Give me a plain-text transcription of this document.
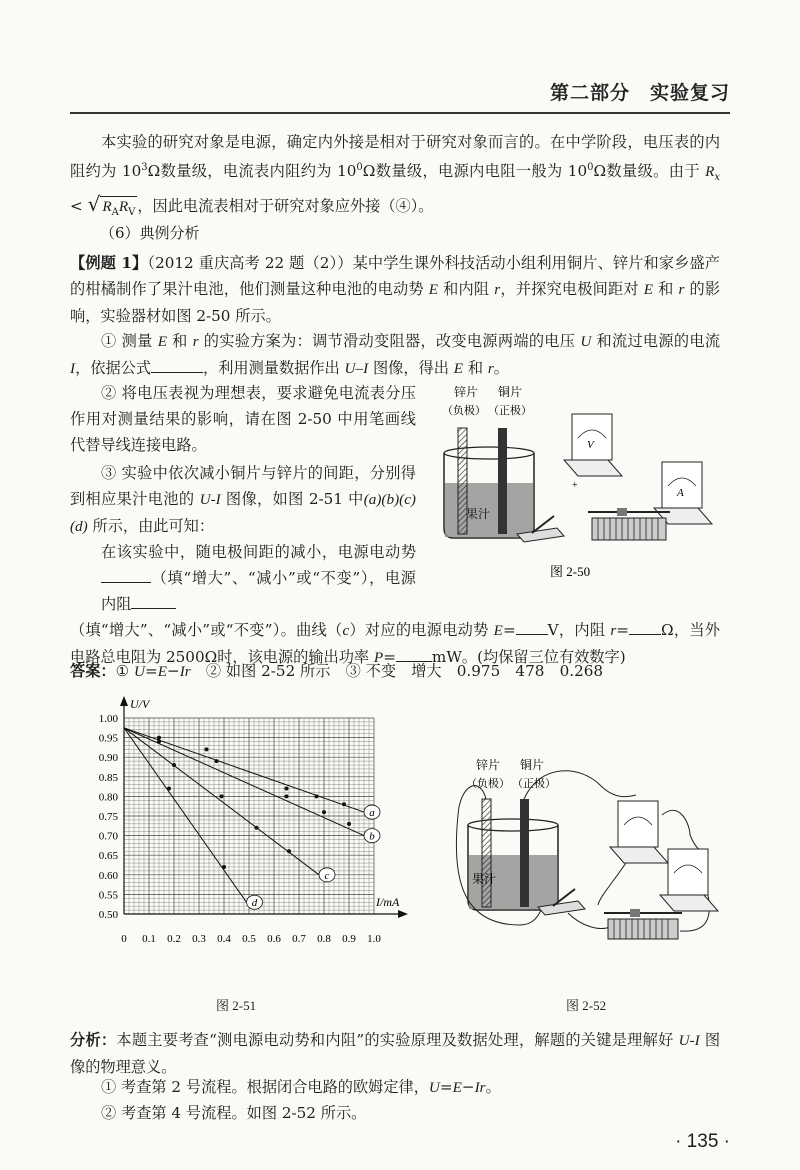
第二部分　实验复习
本实验的研究对象是电源，确定内外接是相对于研究对象而言的。在中学阶段，电压表的内阻约为 $10^3\Omega$数量级，电流表内阻约为 $10^0\Omega$数量级，电源内电阻一般为 $10^0\Omega$数量级。由于 $R_x$ < √ $R_AR_V$ ，因此电流表相对于研究对象应外接（④）。
（6）典例分析
【例题 1】（2012 重庆高考 22 题（2））某中学生课外科技活动小组利用铜片、锌片和家乡盛产的柑橘制作了果汁电池，他们测量这种电池的电动势 E 和内阻 r，并探究电极间距对 E 和 r 的影响，实验器材如图 2-50 所示。
① 测量 E 和 r 的实验方案为：调节滑动变阻器，改变电源两端的电压 U 和流过电源的电流 I，依据公式	，利用测量数据作出 U–I 图像，得出 E 和 r。
② 将电压表视为理想表，要求避免电流表分压作用对测量结果的影响，请在图 2-50 中用笔画线代替导线连接电路。
③ 实验中依次减小铜片与锌片的间距，分别得到相应果汁电池的 U-I 图像，如图 2-51 中(a)(b)(c)(d) 所示，由此可知：
在该实验中，随电极间距的减小，电源电动势（填“增大”、“减小”或“不变”），电源内阻
（填“增大”、“减小”或“不变”）。曲线（c）对应的电源电动势 E= V，内阻 r= Ω，当外电路总电阻为 2500Ω时，该电源的输出功率 P= mW。(均保留三位有效数字)
答案：① U=E−Ir　② 如图 2-52 所示　③ 不变　增大　0.975　478　0.268
锌片 铜片
（负极） （正极）
果汁
V
+
A
图 2-50
0 0.1 0.2 0.3 0.4 0.5 0.6 0.7 0.8 0.9 1.0
0.50
0.55
0.60
0.65
0.70
0.75
0.80
0.85
0.90
0.95
1.00
a
b
c
d	I/mA
U/V
图 2-51
锌片 铜片
（负极） （正极）
果汁
图 2-52
分析：本题主要考查“测电源电动势和内阻”的实验原理及数据处理，解题的关键是理解好 U-I 图像的物理意义。
① 考查第 2 号流程。根据闭合电路的欧姆定律，U=E−Ir。
② 考查第 4 号流程。如图 2-52 所示。
· 135 ·
